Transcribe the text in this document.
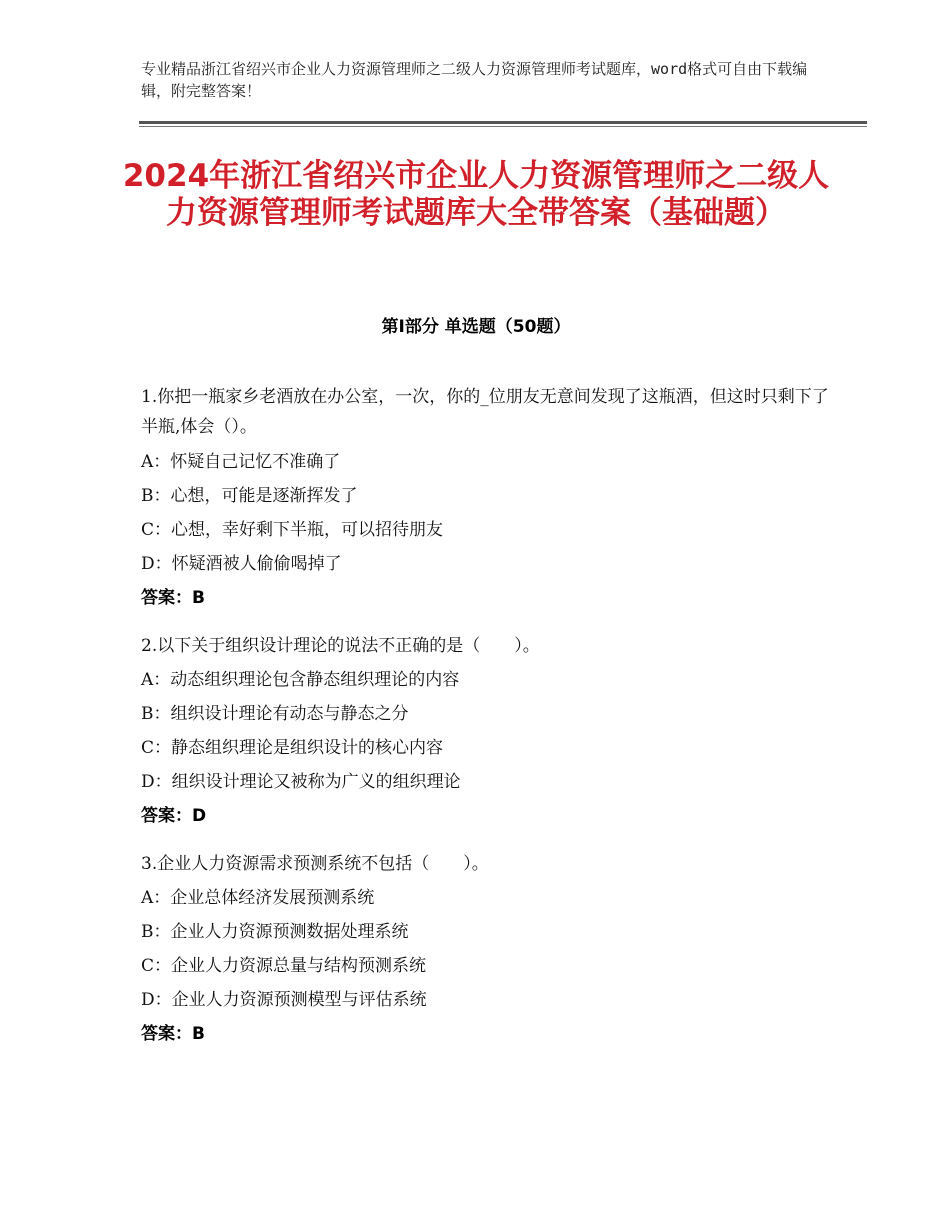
专业精品浙江省绍兴市企业人力资源管理师之二级人力资源管理师考试题库，word格式可自由下载编辑，附完整答案！
2024年浙江省绍兴市企业人力资源管理师之二级人力资源管理师考试题库大全带答案（基础题）
第Ⅰ部分 单选题（50题）
1.你把一瓶家乡老酒放在办公室，一次，你的_位朋友无意间发现了这瓶酒，但这时只剩下了半瓶,体会（）。
A：怀疑自己记忆不准确了
B：心想，可能是逐渐挥发了
C：心想，幸好剩下半瓶，可以招待朋友
D：怀疑酒被人偷偷喝掉了
答案：B
2.以下关于组织设计理论的说法不正确的是（　　）。
A：动态组织理论包含静态组织理论的内容
B：组织设计理论有动态与静态之分
C：静态组织理论是组织设计的核心内容
D：组织设计理论又被称为广义的组织理论
答案：D
3.企业人力资源需求预测系统不包括（　　）。
A：企业总体经济发展预测系统
B：企业人力资源预测数据处理系统
C：企业人力资源总量与结构预测系统
D：企业人力资源预测模型与评估系统
答案：B
